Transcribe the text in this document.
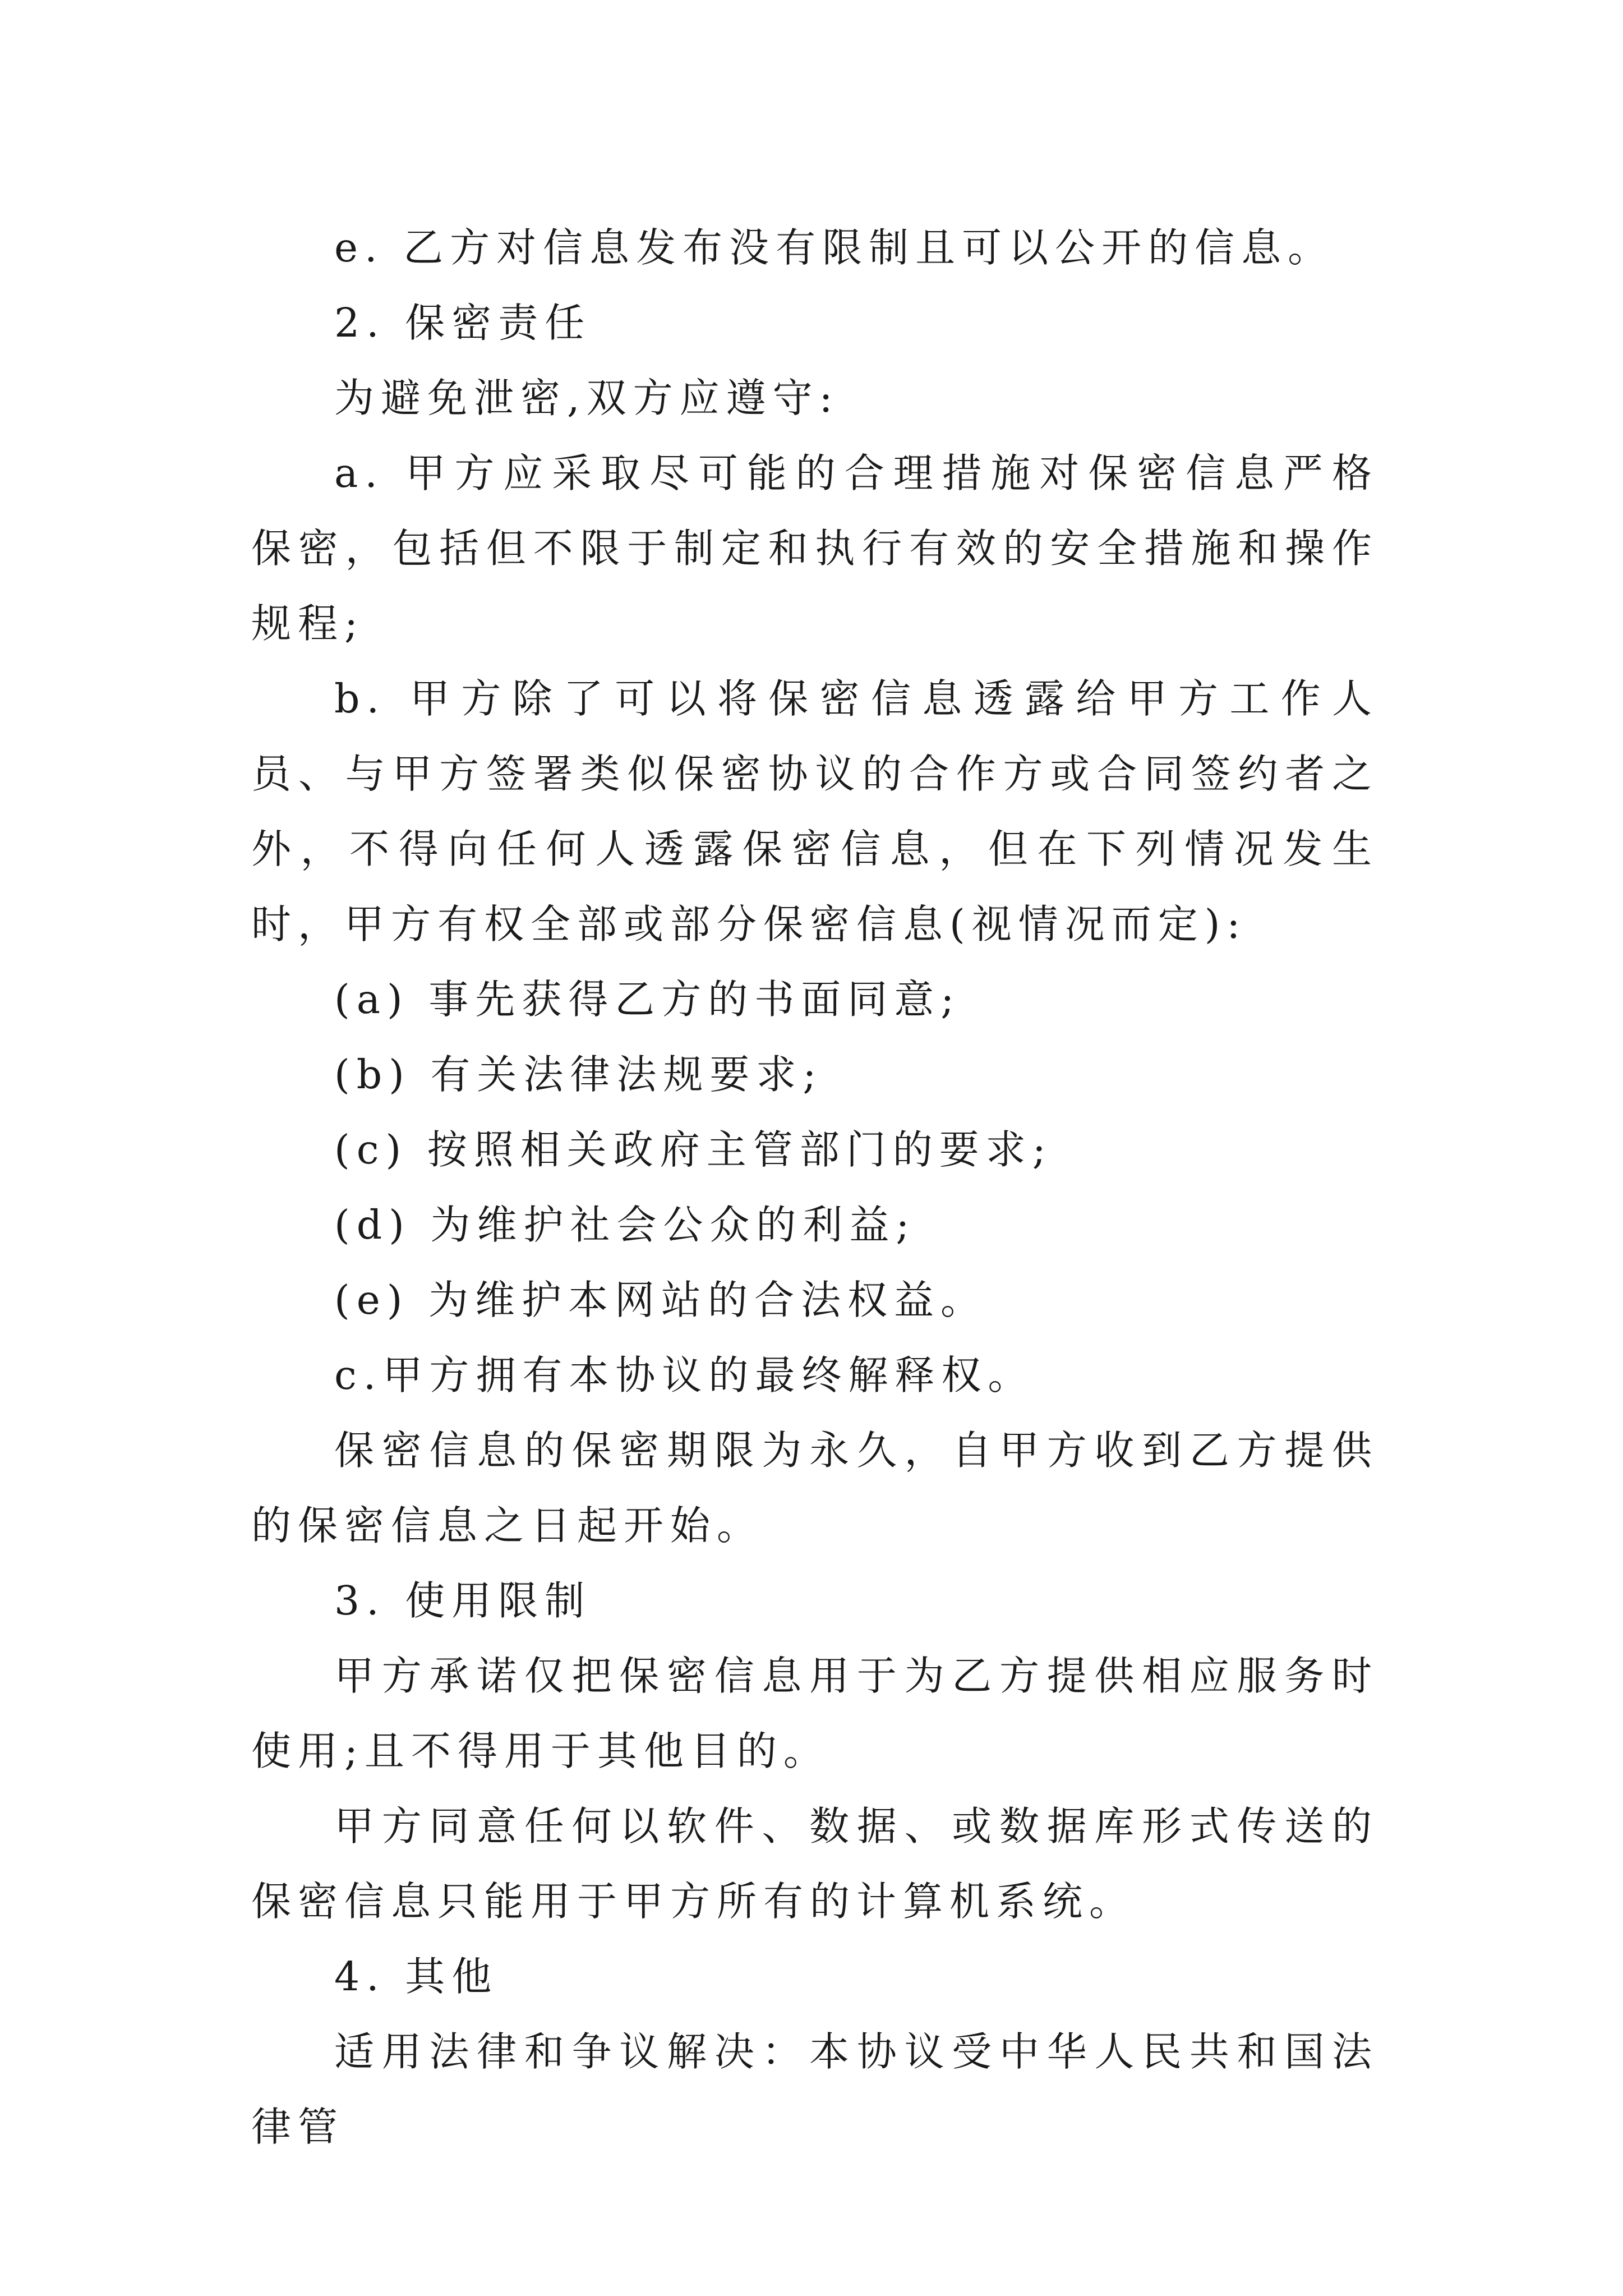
e. 乙方对信息发布没有限制且可以公开的信息。

2. 保密责任

为避免泄密,双方应遵守:

a. 甲方应采取尽可能的合理措施对保密信息严格保密，包括但不限于制定和执行有效的安全措施和操作规程;

b. 甲方除了可以将保密信息透露给甲方工作人员、与甲方签署类似保密协议的合作方或合同签约者之外，不得向任何人透露保密信息，但在下列情况发生时，甲方有权全部或部分保密信息(视情况而定):

(a) 事先获得乙方的书面同意;

(b) 有关法律法规要求;

(c) 按照相关政府主管部门的要求;

(d) 为维护社会公众的利益;

(e) 为维护本网站的合法权益。

c.甲方拥有本协议的最终解释权。

保密信息的保密期限为永久，自甲方收到乙方提供的保密信息之日起开始。

3. 使用限制

甲方承诺仅把保密信息用于为乙方提供相应服务时使用;且不得用于其他目的。

甲方同意任何以软件、数据、或数据库形式传送的保密信息只能用于甲方所有的计算机系统。

4. 其他

适用法律和争议解决：本协议受中华人民共和国法律管
